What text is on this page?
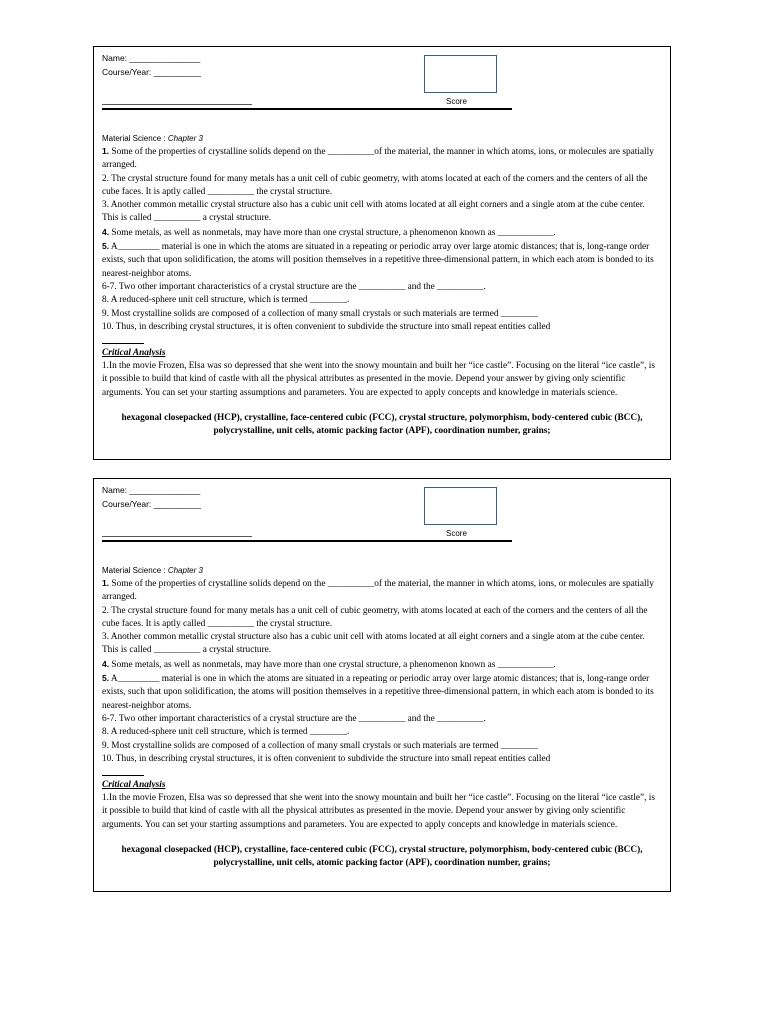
Name: _______________
Course/Year: __________
Score

Material Science : Chapter 3

1. Some of the properties of crystalline solids depend on the __________of the material, the manner in which atoms, ions, or molecules are spatially arranged.

2. The crystal structure found for many metals has a unit cell of cubic geometry, with atoms located at each of the corners and the centers of all the cube faces. It is aptly called __________ the crystal structure.

3. Another common metallic crystal structure also has a cubic unit cell with atoms located at all eight corners and a single atom at the cube center. This is called __________ a crystal structure.

4. Some metals, as well as nonmetals, may have more than one crystal structure, a phenomenon known as ____________.

5. A_________ material is one in which the atoms are situated in a repeating or periodic array over large atomic distances; that is, long-range order exists, such that upon solidification, the atoms will position themselves in a repetitive three-dimensional pattern, in which each atom is bonded to its nearest-neighbor atoms.

6-7. Two other important characteristics of a crystal structure are the __________ and the __________.

8. A reduced-sphere unit cell structure, which is termed ________.

9. Most crystalline solids are composed of a collection of many small crystals or such materials are termed ________

10. Thus, in describing crystal structures, it is often convenient to subdivide the structure into small repeat entities called

Critical Analysis

1.In the movie Frozen, Elsa was so depressed that she went into the snowy mountain and built her “ice castle”. Focusing on the literal “ice castle”, is it possible to build that kind of castle with all the physical attributes as presented in the movie. Depend your answer by giving only scientific arguments. You can set your starting assumptions and parameters. You are expected to apply concepts and knowledge in materials science.

hexagonal closepacked (HCP), crystalline, face-centered cubic (FCC), crystal structure, polymorphism, body-centered cubic (BCC), polycrystalline, unit cells, atomic packing factor (APF), coordination number, grains;

Name: _______________
Course/Year: __________
Score

Material Science : Chapter 3

1. Some of the properties of crystalline solids depend on the __________of the material, the manner in which atoms, ions, or molecules are spatially arranged.

2. The crystal structure found for many metals has a unit cell of cubic geometry, with atoms located at each of the corners and the centers of all the cube faces. It is aptly called __________ the crystal structure.

3. Another common metallic crystal structure also has a cubic unit cell with atoms located at all eight corners and a single atom at the cube center. This is called __________ a crystal structure.

4. Some metals, as well as nonmetals, may have more than one crystal structure, a phenomenon known as ____________.

5. A_________ material is one in which the atoms are situated in a repeating or periodic array over large atomic distances; that is, long-range order exists, such that upon solidification, the atoms will position themselves in a repetitive three-dimensional pattern, in which each atom is bonded to its nearest-neighbor atoms.

6-7. Two other important characteristics of a crystal structure are the __________ and the __________.

8. A reduced-sphere unit cell structure, which is termed ________.

9. Most crystalline solids are composed of a collection of many small crystals or such materials are termed ________

10. Thus, in describing crystal structures, it is often convenient to subdivide the structure into small repeat entities called

Critical Analysis

1.In the movie Frozen, Elsa was so depressed that she went into the snowy mountain and built her “ice castle”. Focusing on the literal “ice castle”, is it possible to build that kind of castle with all the physical attributes as presented in the movie. Depend your answer by giving only scientific arguments. You can set your starting assumptions and parameters. You are expected to apply concepts and knowledge in materials science.

hexagonal closepacked (HCP), crystalline, face-centered cubic (FCC), crystal structure, polymorphism, body-centered cubic (BCC), polycrystalline, unit cells, atomic packing factor (APF), coordination number, grains;
